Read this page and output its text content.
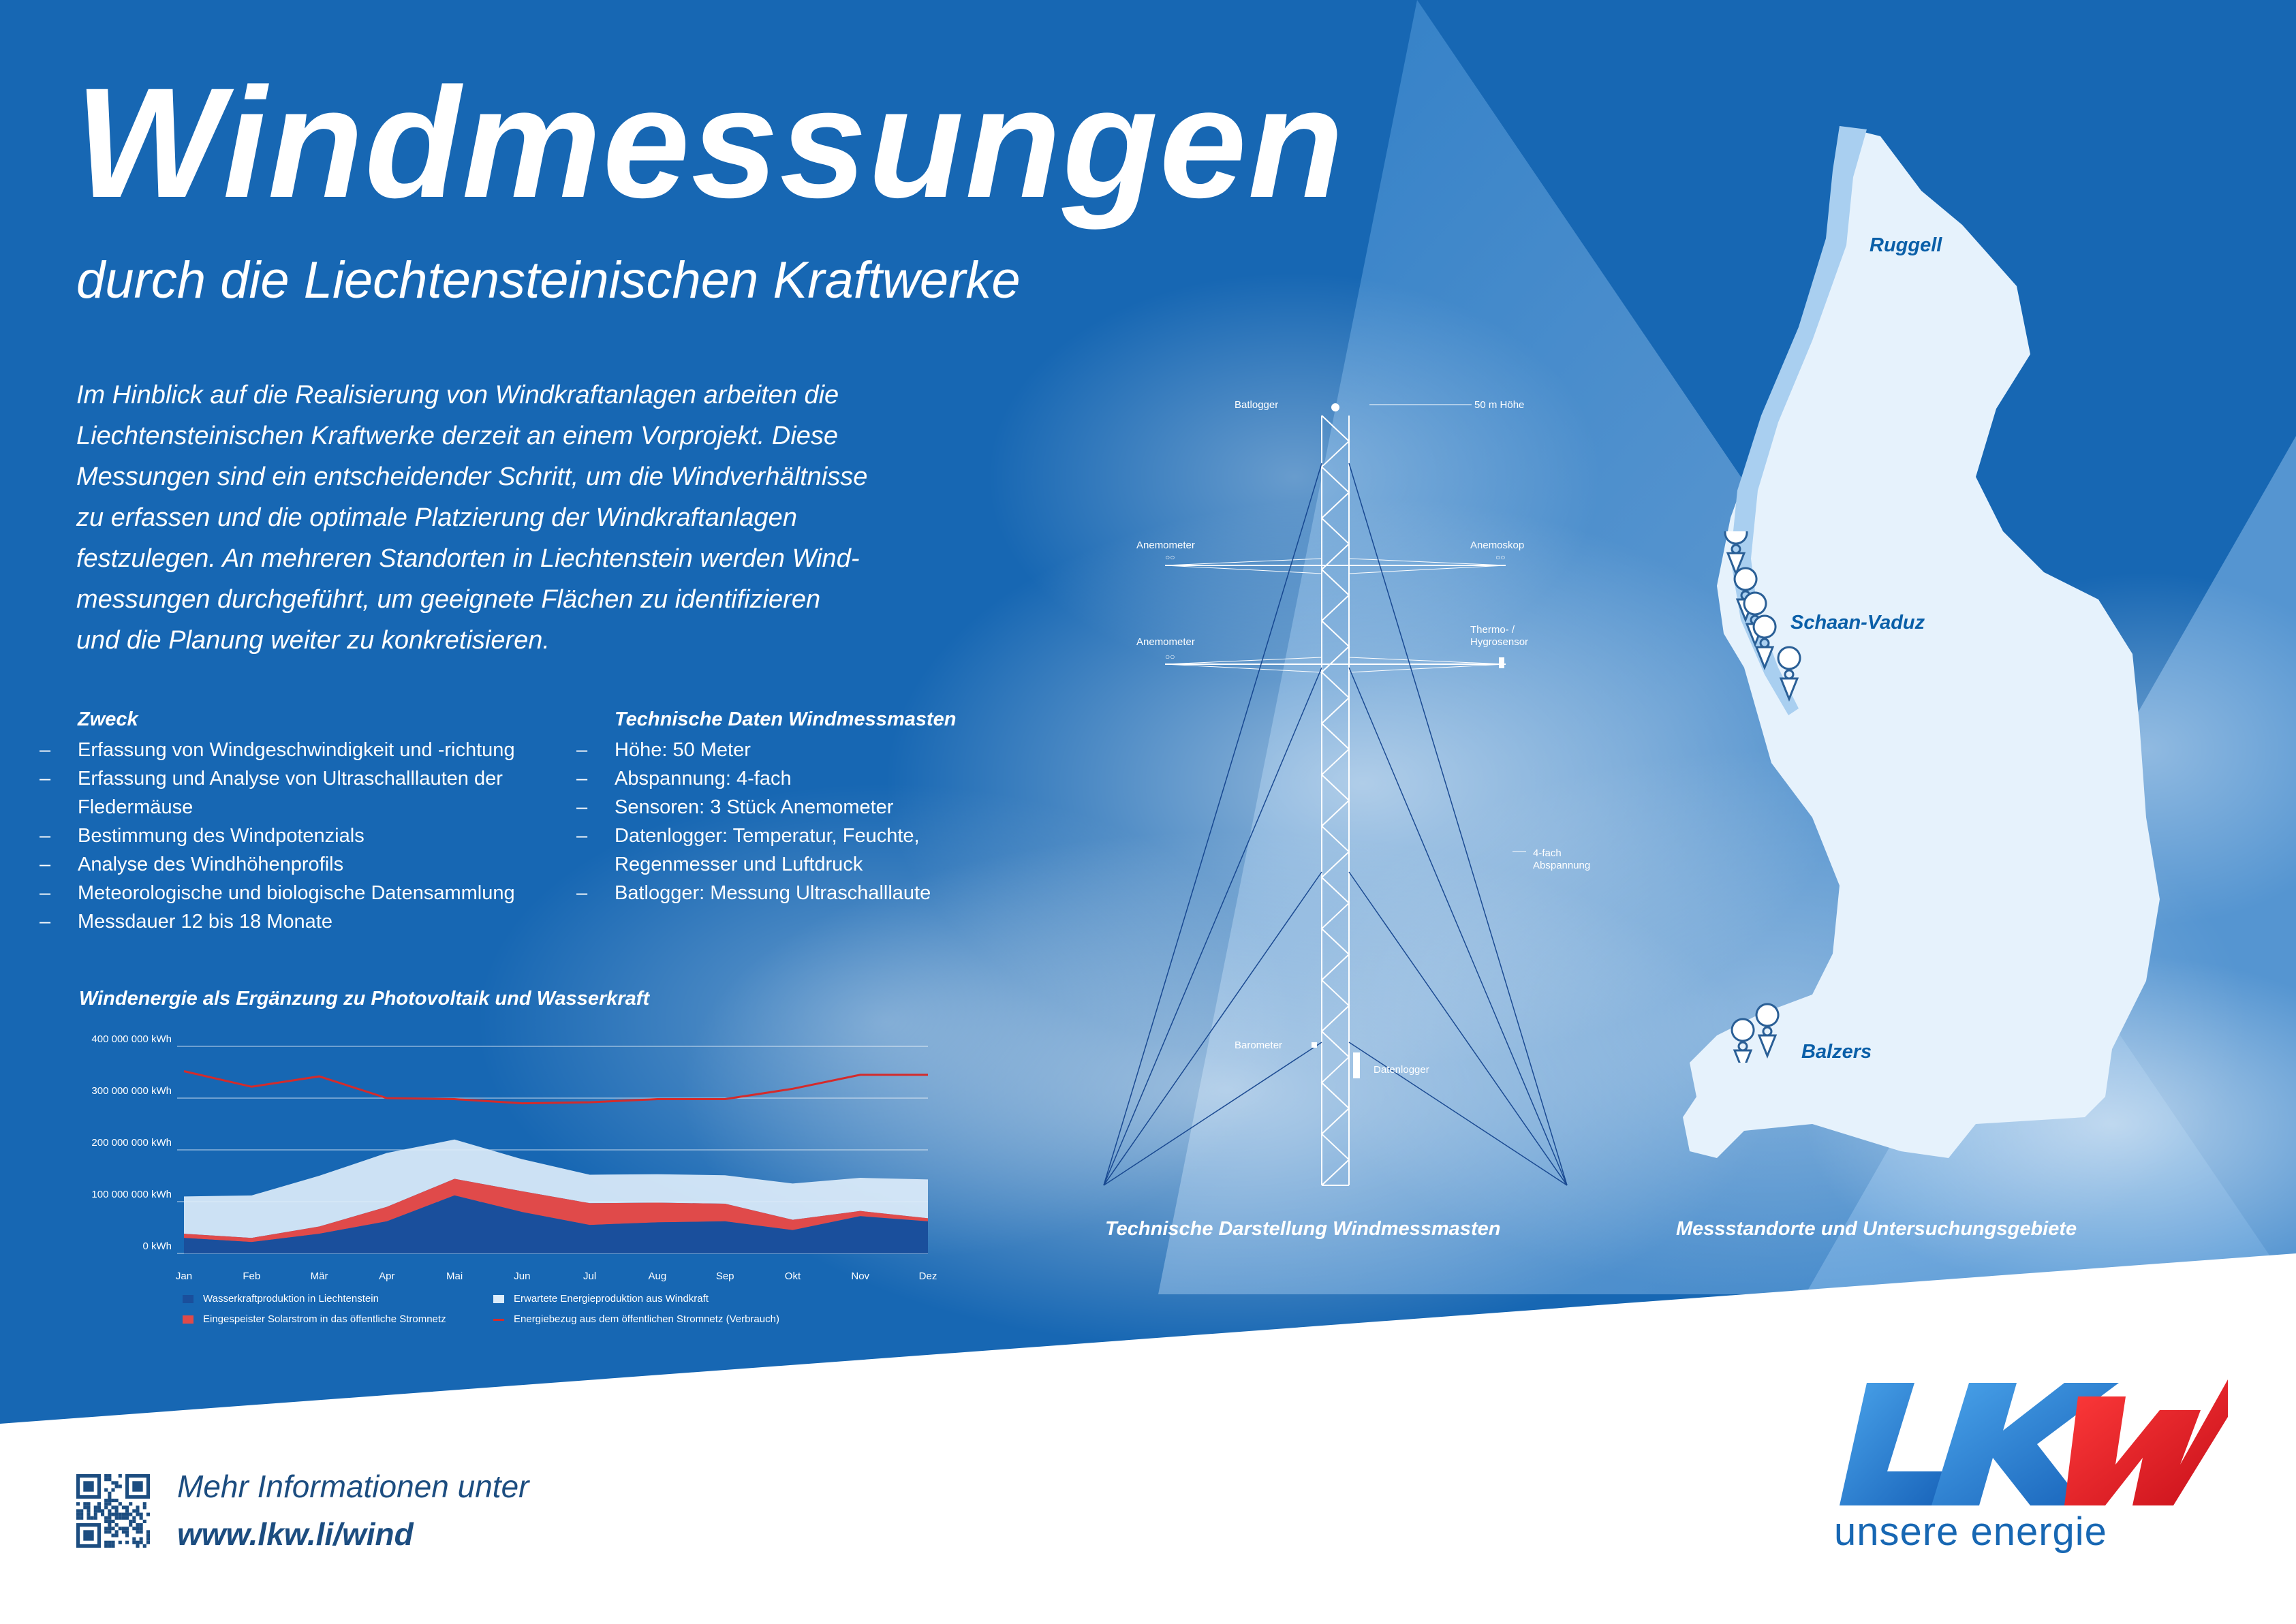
Windmessungen
durch die Liechtensteinischen Kraftwerke
Im Hinblick auf die Realisierung von Windkraftanlagen arbeiten die
Liechtensteinischen Kraftwerke derzeit an einem Vorprojekt. Diese
Messungen sind ein entscheidender Schritt, um die Windverhältnisse
zu erfassen und die optimale Platzierung der Windkraftanlagen
festzulegen. An mehreren Standorten in Liechtenstein werden Wind-
messungen durchgeführt, um geeignete Flächen zu identifizieren
und die Planung weiter zu konkretisieren.
Zweck
– Erfassung von Windgeschwindigkeit und -richtung
– Erfassung und Analyse von Ultraschalllauten der
Fledermäuse
– Bestimmung des Windpotenzials
– Analyse des Windhöhenprofils
– Meteorologische und biologische Datensammlung
– Messdauer 12 bis 18 Monate
Technische Daten Windmessmasten
– Höhe: 50 Meter
– Abspannung: 4-fach
– Sensoren: 3 Stück Anemometer
– Datenlogger: Temperatur, Feuchte,
Regenmesser und Luftdruck
– Batlogger: Messung Ultraschalllaute
Windenergie als Ergänzung zu Photovoltaik und Wasserkraft
0 kWh
100 000 000 kWh
200 000 000 kWh
300 000 000 kWh
400 000 000 kWh
Jan	Feb	Mär	Apr	Mai	Jun	Jul	Aug	Sep	Okt	Nov	Dez
Wasserkraftproduktion in Liechtenstein
Eingespeister Solarstrom in das öffentliche Stromnetz
Erwartete Energieproduktion aus Windkraft
Energiebezug aus dem öffentlichen Stromnetz (Verbrauch)
○○	○○
○○
Batlogger	50 m Höhe
Anemometer	Anemoskop
Anemometer
Thermo- /
Hygrosensor
4-fach
Abspannung
Barometer
Datenlogger
Technische Darstellung Windmessmasten	Messstandorte und Untersuchungsgebiete
Ruggell
Schaan-Vaduz
Balzers
Mehr Informationen unter
www.lkw.li/wind
LKW
unsere energie
